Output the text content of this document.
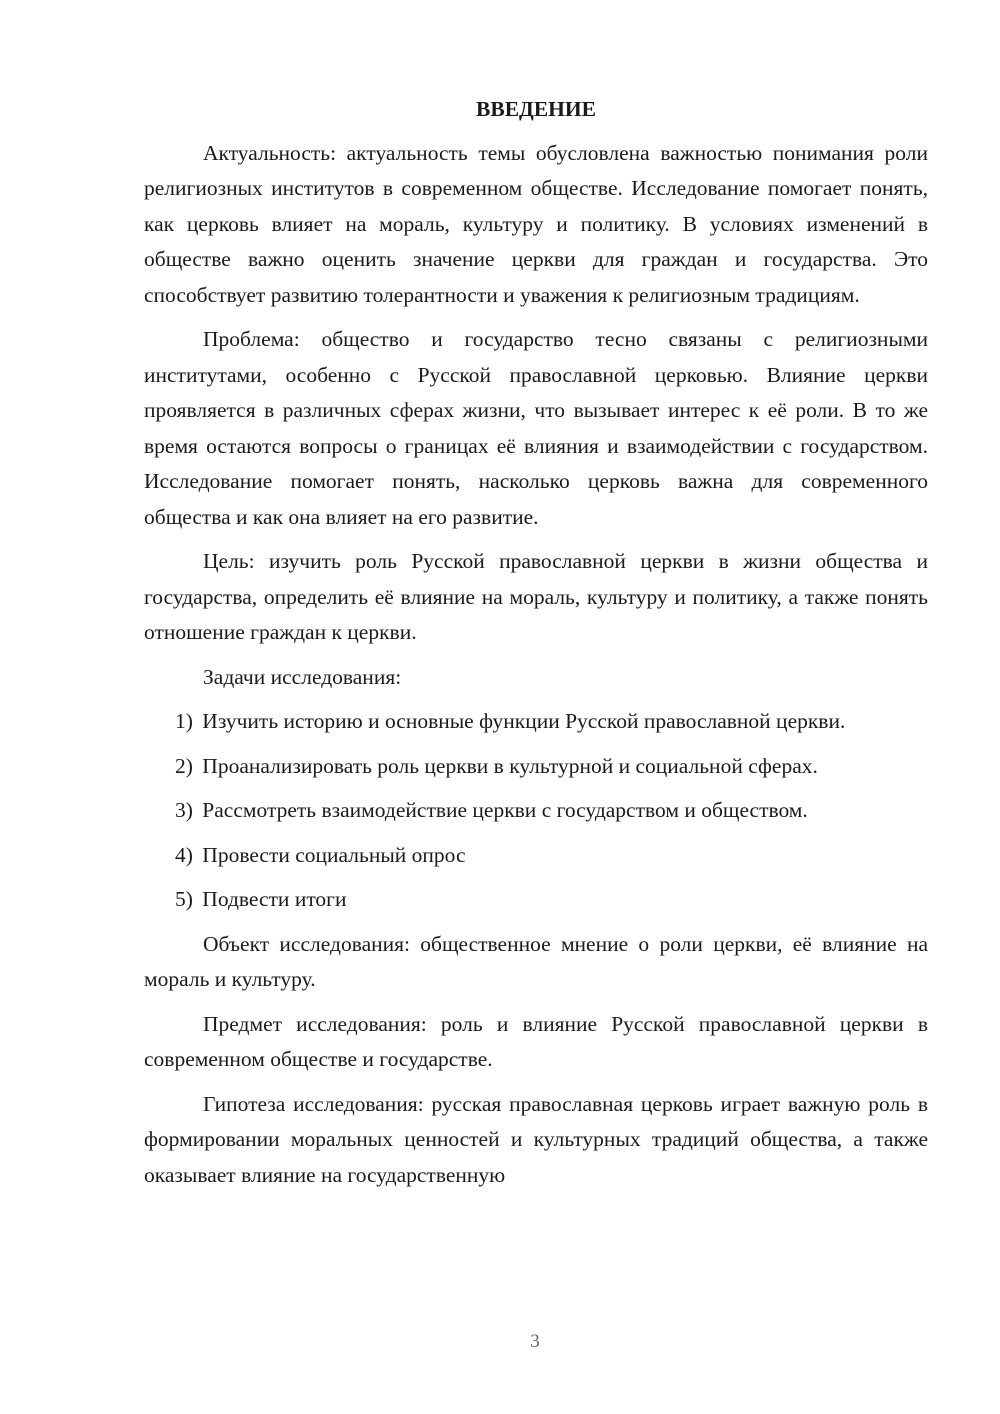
ВВЕДЕНИЕ

Актуальность: актуальность темы обусловлена важностью понимания роли религиозных институтов в современном обществе. Исследование помогает понять, как церковь влияет на мораль, культуру и политику. В условиях изменений в обществе важно оценить значение церкви для граждан и государства. Это способствует развитию толерантности и уважения к религиозным традициям.

Проблема: общество и государство тесно связаны с религиозными институтами, особенно с Русской православной церковью. Влияние церкви проявляется в различных сферах жизни, что вызывает интерес к её роли. В то же время остаются вопросы о границах её влияния и взаимодействии с государством. Исследование помогает понять, насколько церковь важна для современного общества и как она влияет на его развитие.

Цель: изучить роль Русской православной церкви в жизни общества и государства, определить её влияние на мораль, культуру и политику, а также понять отношение граждан к церкви.

Задачи исследования:

1) Изучить историю и основные функции Русской православной церкви.
2) Проанализировать роль церкви в культурной и социальной сферах.
3) Рассмотреть взаимодействие церкви с государством и обществом.
4) Провести социальный опрос
5) Подвести итоги

Объект исследования: общественное мнение о роли церкви, её влияние на мораль и культуру.

Предмет исследования: роль и влияние Русской православной церкви в современном обществе и государстве.

Гипотеза исследования: русская православная церковь играет важную роль в формировании моральных ценностей и культурных традиций общества, а также оказывает влияние на государственную

3
